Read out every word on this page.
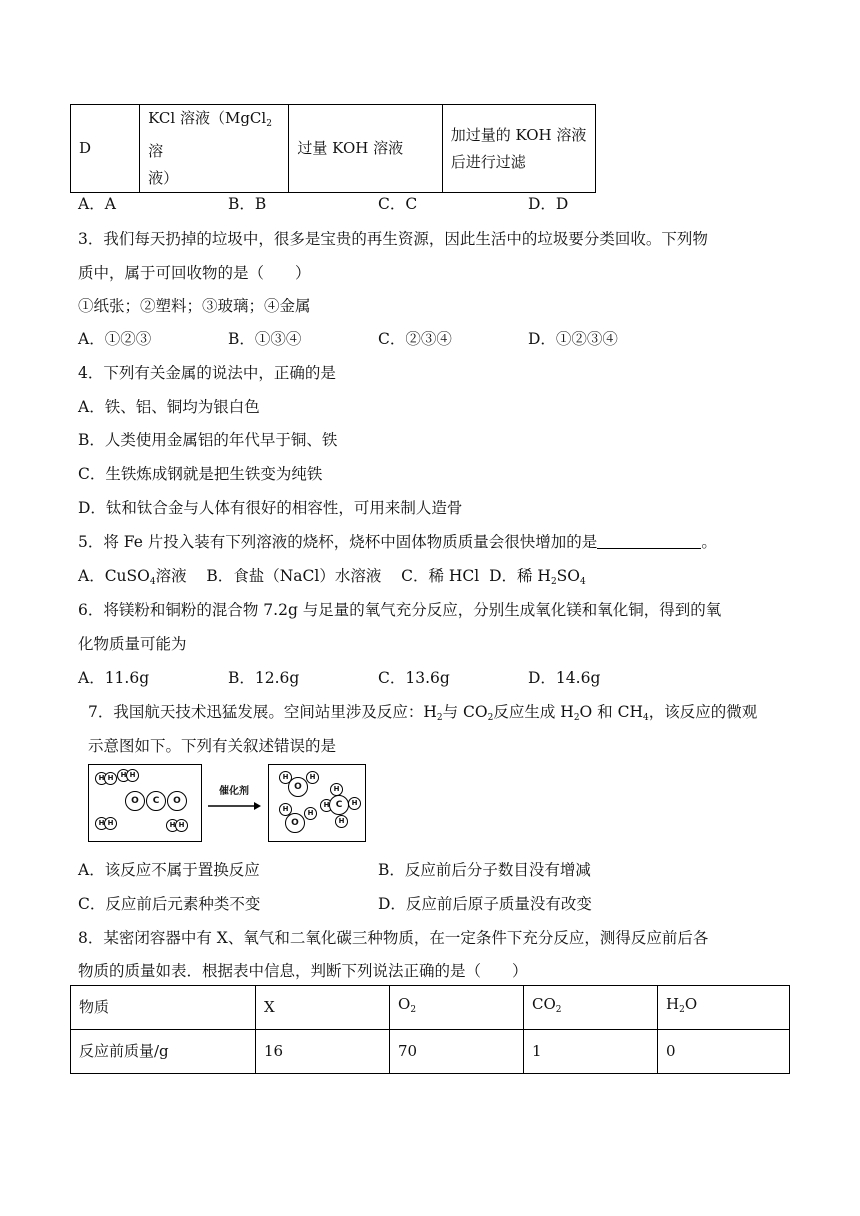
D	KCl 溶液（MgCl$_2$溶
液）	过量 KOH 溶液	加过量的 KOH 溶液后进行过滤
A．A	B．B	C．C	D．D
3．我们每天扔掉的垃圾中，很多是宝贵的再生资源，因此生活中的垃圾要分类回收。下列物
质中，属于可回收物的是（　　）
①纸张；②塑料；③玻璃；④金属
A．①②③	B．①③④	C．②③④	D．①②③④
4．下列有关金属的说法中，正确的是
A．铁、铝、铜均为银白色
B．人类使用金属铝的年代早于铜、铁
C．生铁炼成钢就是把生铁变为纯铁
D．钛和钛合金与人体有很好的相容性，可用来制人造骨
5．将 Fe 片投入装有下列溶液的烧杯，烧杯中固体物质质量会很快增加的是	。
A．CuSO$_4$溶液 B．食盐（NaCl）水溶液 C．稀 HCl D．稀 $H_2SO_4$
6．将镁粉和铜粉的混合物 7.2g 与足量的氧气充分反应，分别生成氧化镁和氧化铜，得到的氧
化物质量可能为
A．11.6g	B．12.6g	C．13.6g	D．14.6g
7．我国航天技术迅猛发展。空间站里涉及反应：$H_2$与 $CO_2$反应生成 $H_2O$ 和 $CH_4$，该反应的微观
示意图如下。下列有关叙述错误的是
H H	H H
H H	H H
O	C	O
催化剂
H
O
H
H
O
H
H
H C	H
H
A．该反应不属于置换反应	B．反应前后分子数目没有增减
C．反应前后元素种类不变	D．反应前后原子质量没有改变
8．某密闭容器中有 X、氧气和二氧化碳三种物质，在一定条件下充分反应，测得反应前后各
物质的质量如表．根据表中信息，判断下列说法正确的是（　　）
物质	X	$O_2$	$CO_2$	$H_2O$
反应前质量/g	16	70	1	0
